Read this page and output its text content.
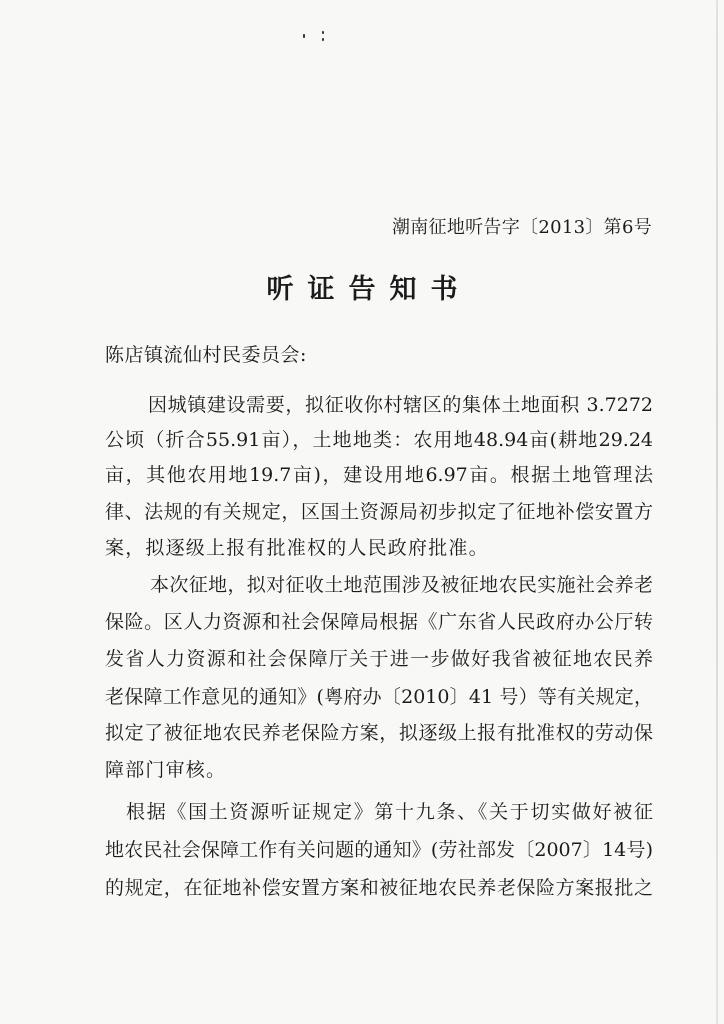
潮南征地听告字〔2013〕第6号
听证告知书
陈店镇流仙村民委员会:
因城镇建设需要，拟征收你村辖区的集体土地面积 3.7272
公顷（折合55.91亩），土地地类：农用地48.94亩(耕地29.24
亩，其他农用地19.7亩)，建设用地6.97亩。根据土地管理法
律、法规的有关规定，区国土资源局初步拟定了征地补偿安置方
案，拟逐级上报有批准权的人民政府批准。
本次征地，拟对征收土地范围涉及被征地农民实施社会养老
保险。区人力资源和社会保障局根据《广东省人民政府办公厅转
发省人力资源和社会保障厅关于进一步做好我省被征地农民养
老保障工作意见的通知》(粤府办〔2010〕41 号）等有关规定，
拟定了被征地农民养老保险方案，拟逐级上报有批准权的劳动保
障部门审核。
根据《国土资源听证规定》第十九条、《关于切实做好被征
地农民社会保障工作有关问题的通知》(劳社部发〔2007〕14号)
的规定，在征地补偿安置方案和被征地农民养老保险方案报批之
